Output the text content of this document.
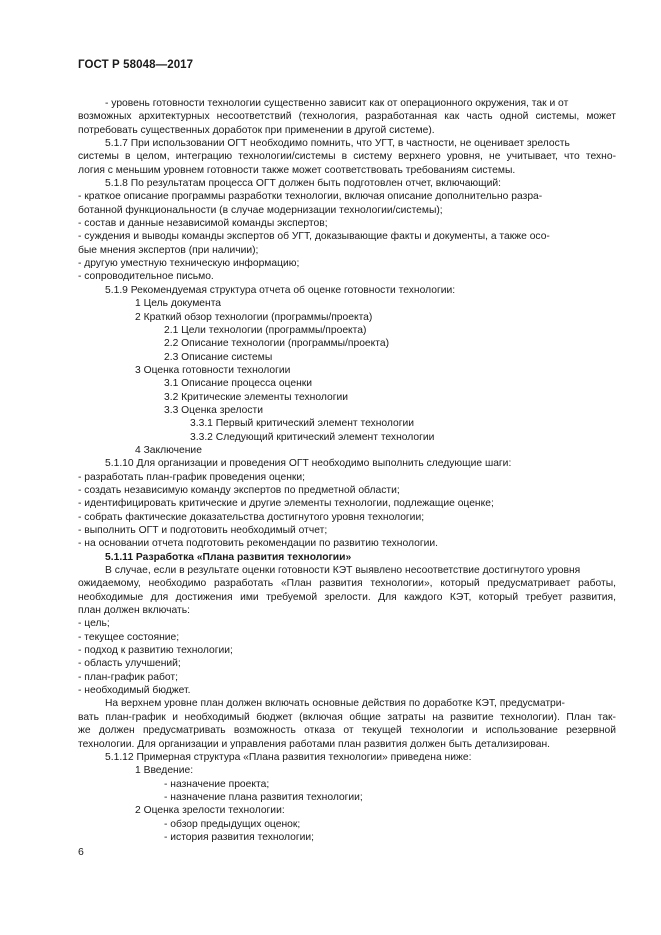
ГОСТ Р 58048—2017
- уровень готовности технологии существенно зависит как от операционного окружения, так и от
возможных архитектурных несоответствий (технология, разработанная как часть одной системы, может
потребовать существенных доработок при применении в другой системе).
5.1.7 При использовании ОГТ необходимо помнить, что УГТ, в частности, не оценивает зрелость
системы в целом, интеграцию технологии/системы в систему верхнего уровня, не учитывает, что техно-
логия с меньшим уровнем готовности также может соответствовать требованиям системы.
5.1.8 По результатам процесса ОГТ должен быть подготовлен отчет, включающий:
- краткое описание программы разработки технологии, включая описание дополнительно разра-
ботанной функциональности (в случае модернизации технологии/системы);
- состав и данные независимой команды экспертов;
- суждения и выводы команды экспертов об УГТ, доказывающие факты и документы, а также осо-
бые мнения экспертов (при наличии);
- другую уместную техническую информацию;
- сопроводительное письмо.
5.1.9 Рекомендуемая структура отчета об оценке готовности технологии:
1 Цель документа
2 Краткий обзор технологии (программы/проекта)
2.1 Цели технологии (программы/проекта)
2.2 Описание технологии (программы/проекта)
2.3 Описание системы
3 Оценка готовности технологии
3.1 Описание процесса оценки
3.2 Критические элементы технологии
3.3 Оценка зрелости
3.3.1 Первый критический элемент технологии
3.3.2 Следующий критический элемент технологии
4 Заключение
5.1.10 Для организации и проведения ОГТ необходимо выполнить следующие шаги:
- разработать план-график проведения оценки;
- создать независимую команду экспертов по предметной области;
- идентифицировать критические и другие элементы технологии, подлежащие оценке;
- собрать фактические доказательства достигнутого уровня технологии;
- выполнить ОГТ и подготовить необходимый отчет;
- на основании отчета подготовить рекомендации по развитию технологии.
5.1.11 Разработка «Плана развития технологии»
В случае, если в результате оценки готовности КЭТ выявлено несоответствие достигнутого уровня
ожидаемому, необходимо разработать «План развития технологии», который предусматривает работы,
необходимые для достижения ими требуемой зрелости. Для каждого КЭТ, который требует развития,
план должен включать:
- цель;
- текущее состояние;
- подход к развитию технологии;
- область улучшений;
- план-график работ;
- необходимый бюджет.
На верхнем уровне план должен включать основные действия по доработке КЭТ, предусматри-
вать план-график и необходимый бюджет (включая общие затраты на развитие технологии). План так-
же должен предусматривать возможность отказа от текущей технологии и использование резервной
технологии. Для организации и управления работами план развития должен быть детализирован.
5.1.12 Примерная структура «Плана развития технологии» приведена ниже:
1 Введение:
- назначение проекта;
- назначение плана развития технологии;
2 Оценка зрелости технологии:
- обзор предыдущих оценок;
- история развития технологии;
6
